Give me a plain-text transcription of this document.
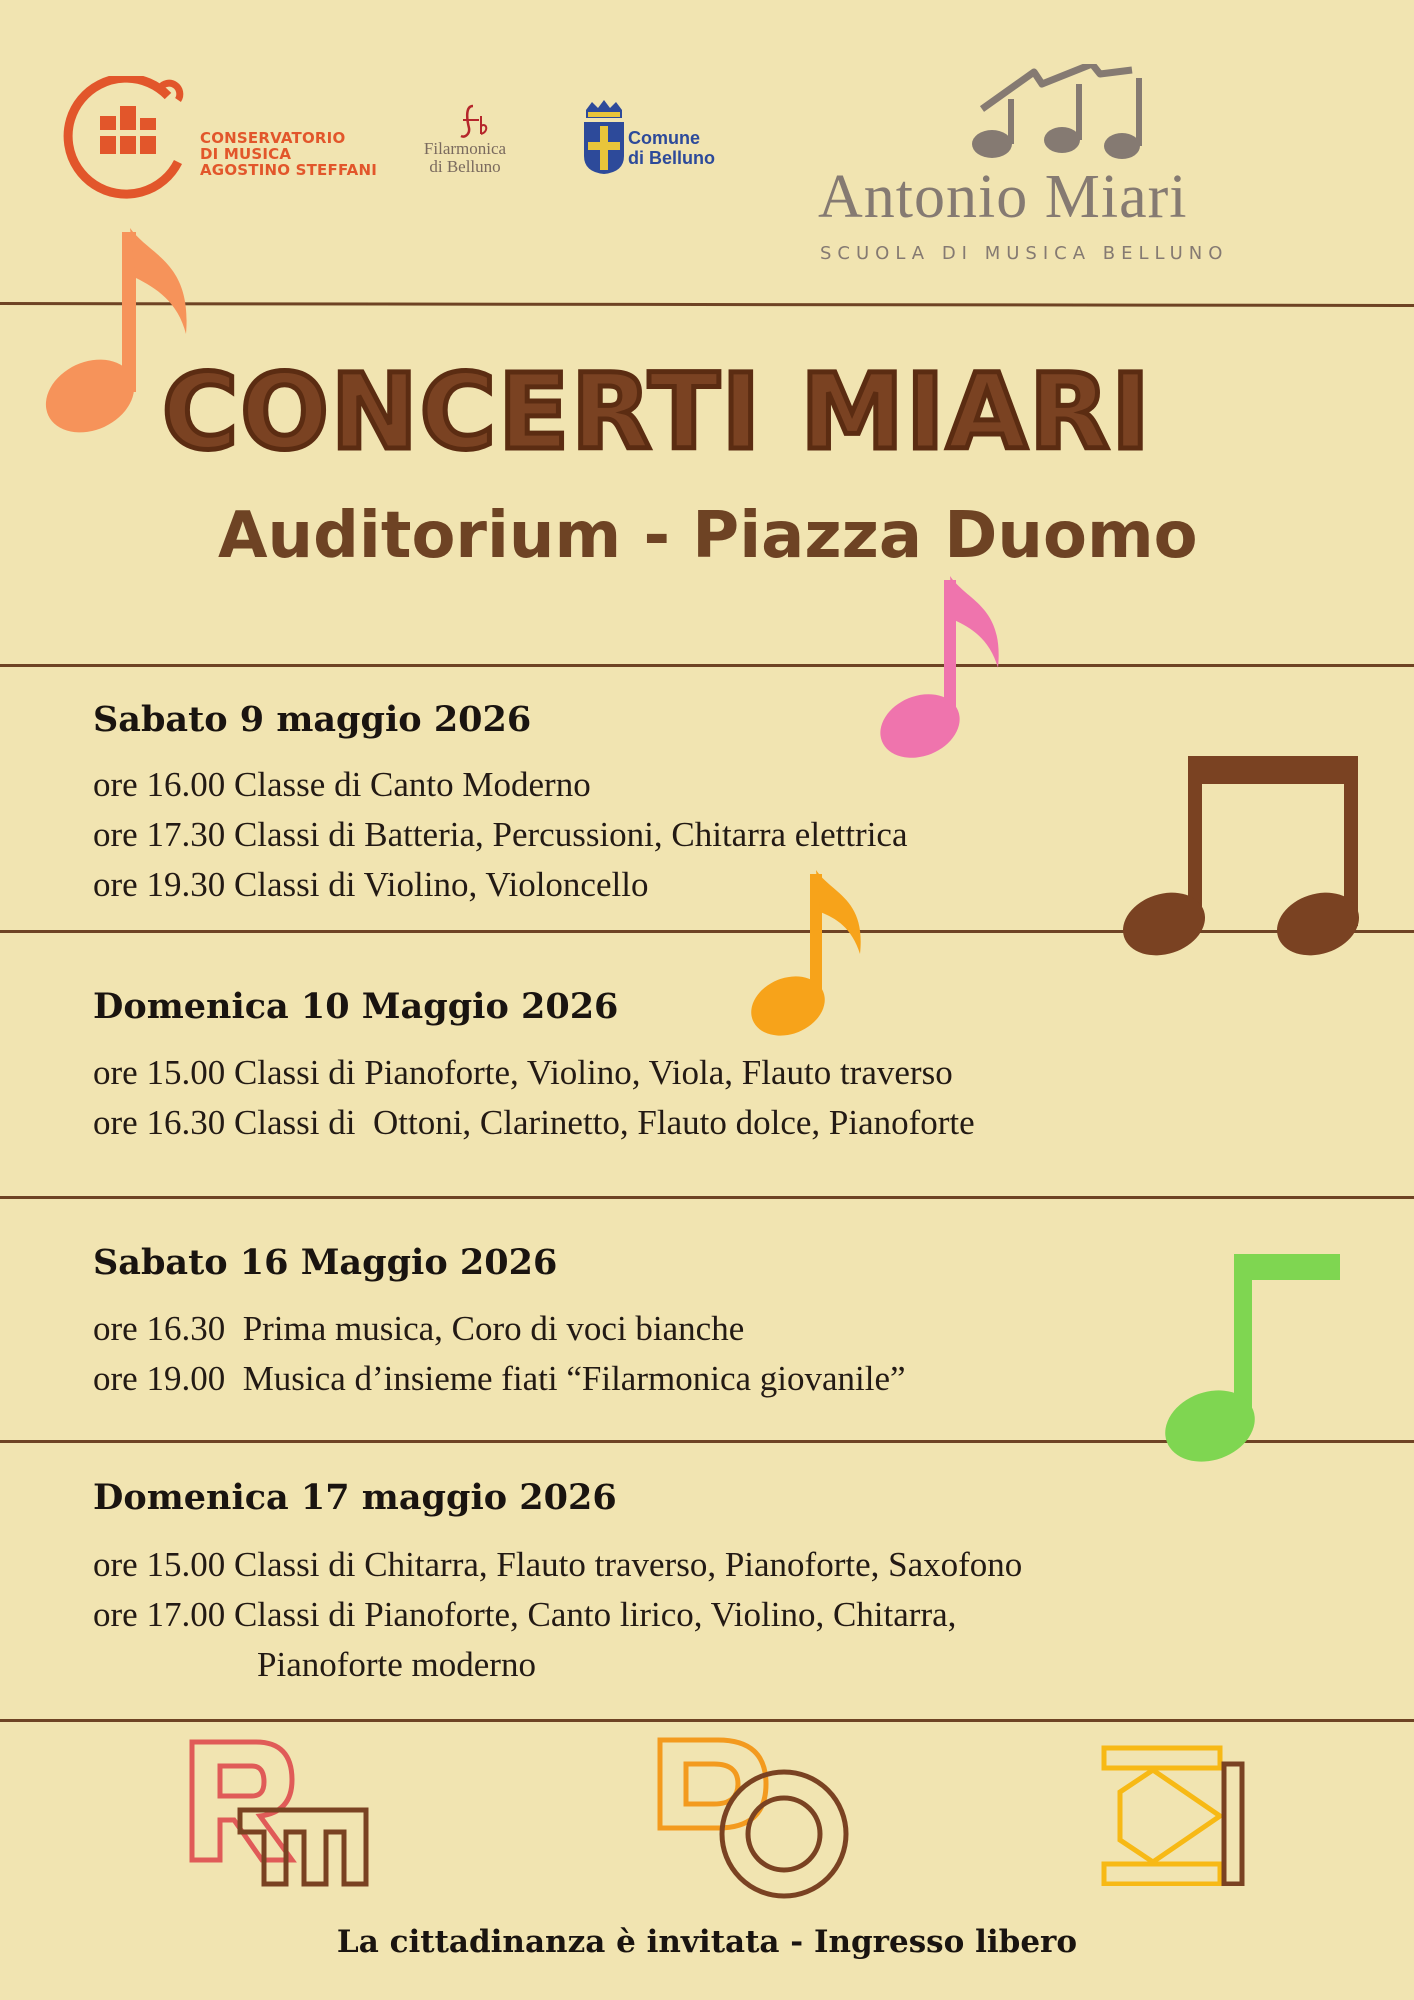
CONSERVATORIO
DI MUSICA
AGOSTINO STEFFANI
Filarmonica
di Belluno
Comune
di Belluno
Antonio Miari
SCUOLA DI MUSICA BELLUNO
CONCERTI MIARI
Auditorium - Piazza Duomo
Sabato 9 maggio 2026
ore 16.00 Classe di Canto Moderno
ore 17.30 Classi di Batteria, Percussioni, Chitarra elettrica
ore 19.30 Classi di Violino, Violoncello
Domenica 10 Maggio 2026
ore 15.00 Classi di Pianoforte, Violino, Viola, Flauto traverso
ore 16.30 Classi di  Ottoni, Clarinetto, Flauto dolce, Pianoforte
Sabato 16 Maggio 2026
ore 16.30  Prima musica, Coro di voci bianche
ore 19.00  Musica d’insieme fiati “Filarmonica giovanile”
Domenica 17 maggio 2026
ore 15.00 Classi di Chitarra, Flauto traverso, Pianoforte, Saxofono
ore 17.00 Classi di Pianoforte, Canto lirico, Violino, Chitarra,
Pianoforte moderno
La cittadinanza è invitata - Ingresso libero
